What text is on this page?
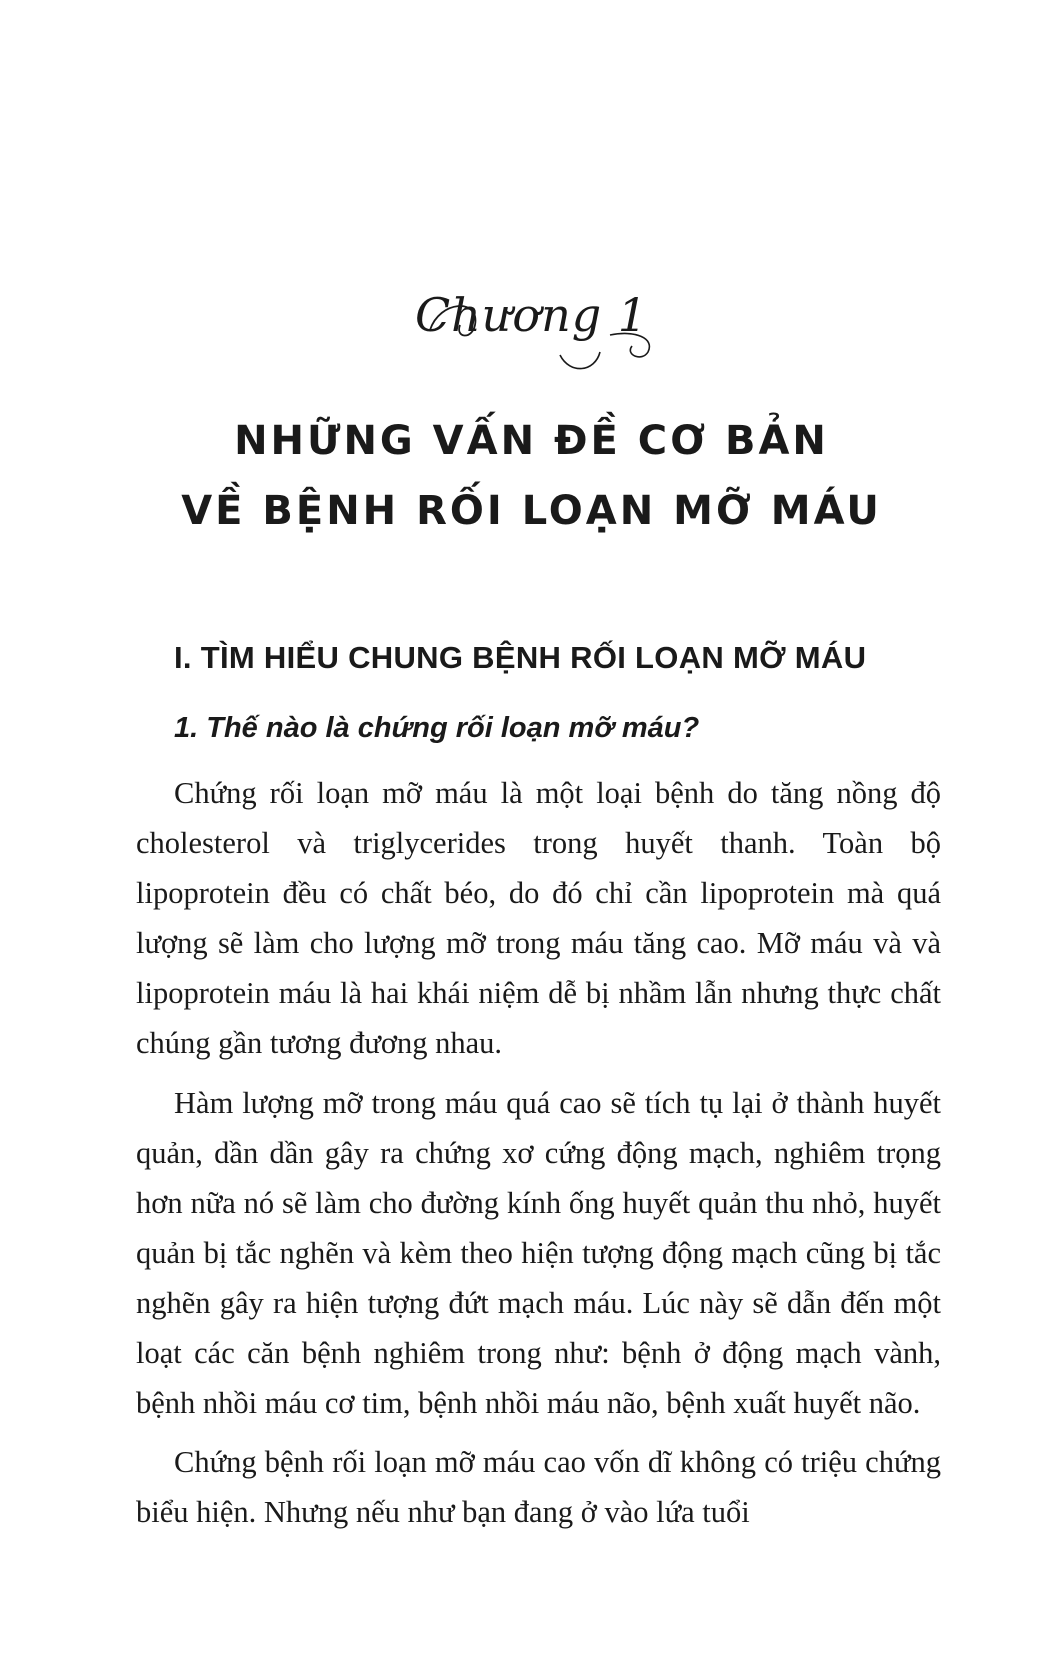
Chương 1
NHỮNG VẤN ĐỀ CƠ BẢN
VỀ BỆNH RỐI LOẠN MỠ MÁU
I. TÌM HIỂU CHUNG BỆNH RỐI LOẠN MỠ MÁU
1. Thế nào là chứng rối loạn mỡ máu?
Chứng rối loạn mỡ máu là một loại bệnh do tăng nồng độ cholesterol và triglycerides trong huyết thanh. Toàn bộ lipoprotein đều có chất béo, do đó chỉ cần lipoprotein mà quá lượng sẽ làm cho lượng mỡ trong máu tăng cao. Mỡ máu và và lipoprotein máu là hai khái niệm dễ bị nhầm lẫn nhưng thực chất chúng gần tương đương nhau.
Hàm lượng mỡ trong máu quá cao sẽ tích tụ lại ở thành huyết quản, dần dần gây ra chứng xơ cứng động mạch, nghiêm trọng hơn nữa nó sẽ làm cho đường kính ống huyết quản thu nhỏ, huyết quản bị tắc nghẽn và kèm theo hiện tượng động mạch cũng bị tắc nghẽn gây ra hiện tượng đứt mạch máu. Lúc này sẽ dẫn đến một loạt các căn bệnh nghiêm trong như: bệnh ở động mạch vành, bệnh nhồi máu cơ tim, bệnh nhồi máu não, bệnh xuất huyết não.
Chứng bệnh rối loạn mỡ máu cao vốn dĩ không có triệu chứng biểu hiện. Nhưng nếu như bạn đang ở vào lứa tuổi
